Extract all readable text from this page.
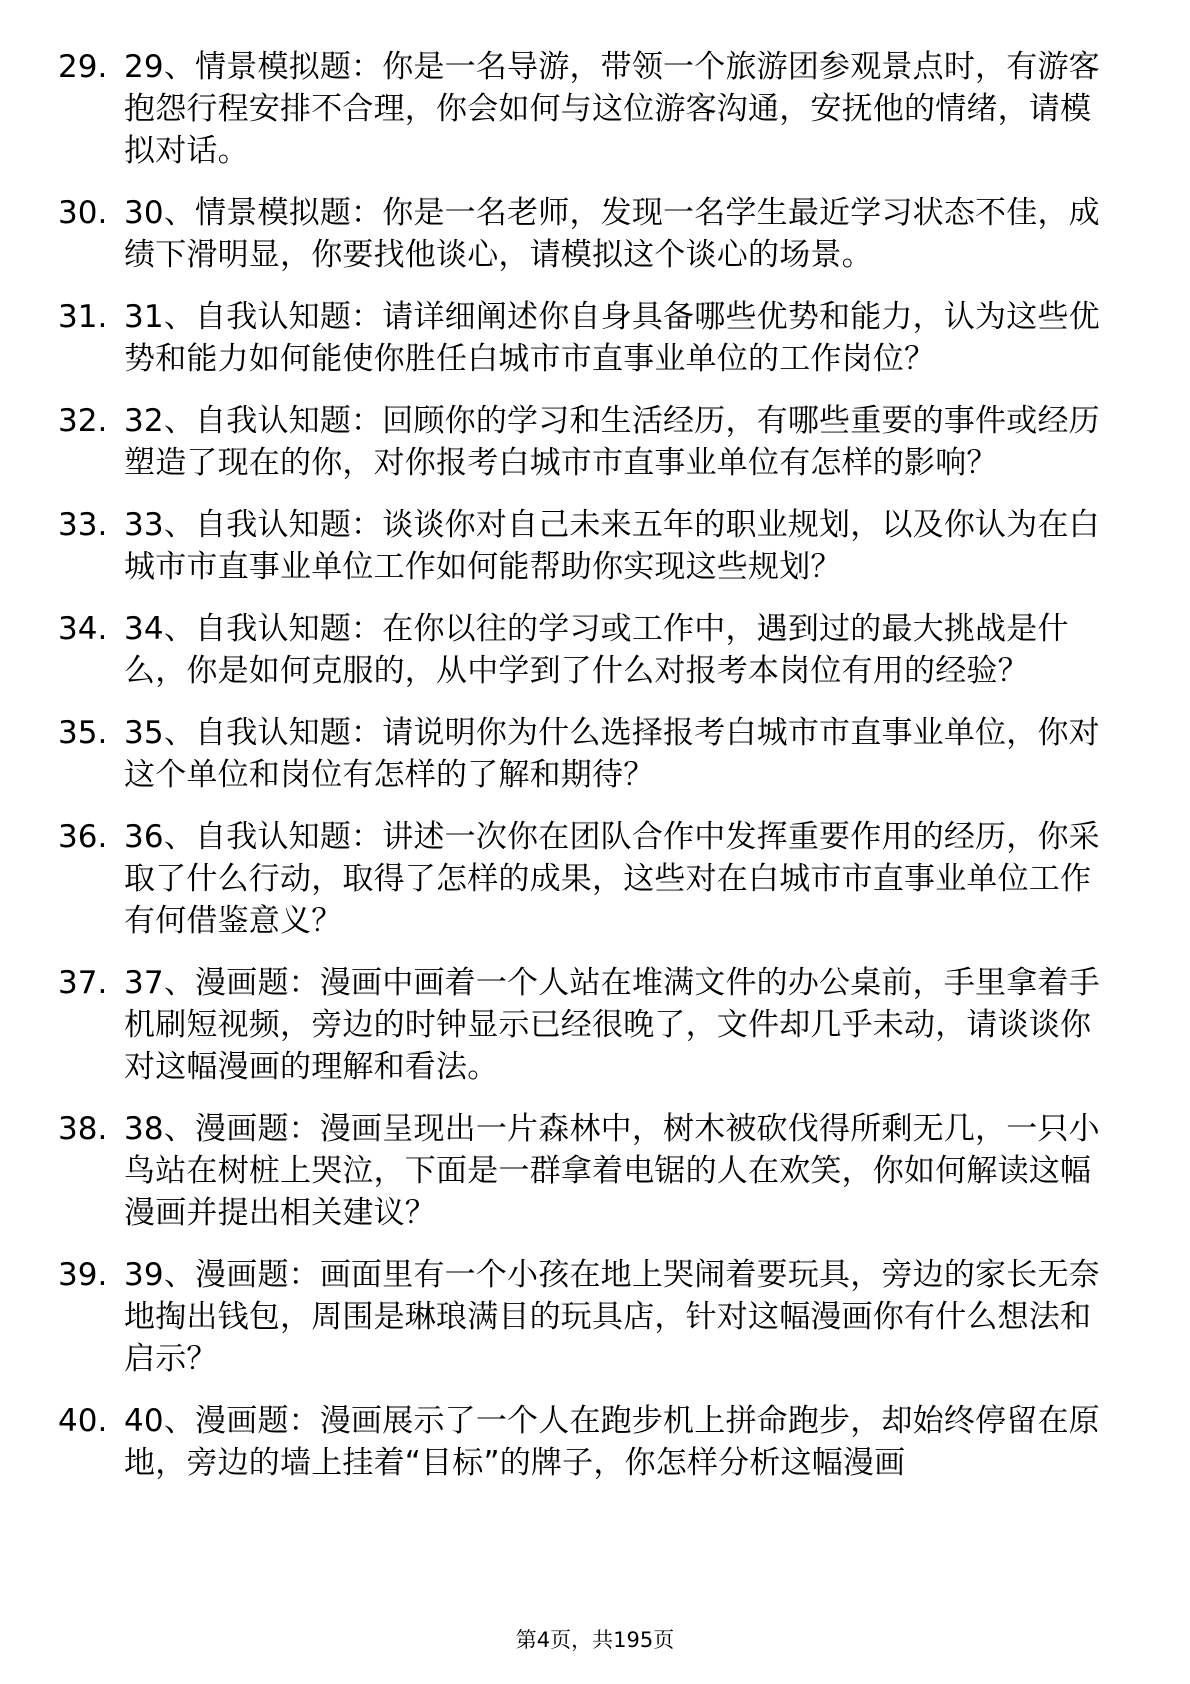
29. 29、情景模拟题：你是一名导游，带领一个旅游团参观景点时，有游客抱怨行程安排不合理，你会如何与这位游客沟通，安抚他的情绪，请模拟对话。
30. 30、情景模拟题：你是一名老师，发现一名学生最近学习状态不佳，成绩下滑明显，你要找他谈心，请模拟这个谈心的场景。
31. 31、自我认知题：请详细阐述你自身具备哪些优势和能力，认为这些优势和能力如何能使你胜任白城市市直事业单位的工作岗位？
32. 32、自我认知题：回顾你的学习和生活经历，有哪些重要的事件或经历塑造了现在的你，对你报考白城市市直事业单位有怎样的影响？
33. 33、自我认知题：谈谈你对自己未来五年的职业规划，以及你认为在白城市市直事业单位工作如何能帮助你实现这些规划？
34. 34、自我认知题：在你以往的学习或工作中，遇到过的最大挑战是什么，你是如何克服的，从中学到了什么对报考本岗位有用的经验？
35. 35、自我认知题：请说明你为什么选择报考白城市市直事业单位，你对这个单位和岗位有怎样的了解和期待？
36. 36、自我认知题：讲述一次你在团队合作中发挥重要作用的经历，你采取了什么行动，取得了怎样的成果，这些对在白城市市直事业单位工作有何借鉴意义？
37. 37、漫画题：漫画中画着一个人站在堆满文件的办公桌前，手里拿着手机刷短视频，旁边的时钟显示已经很晚了，文件却几乎未动，请谈谈你对这幅漫画的理解和看法。
38. 38、漫画题：漫画呈现出一片森林中，树木被砍伐得所剩无几，一只小鸟站在树桩上哭泣，下面是一群拿着电锯的人在欢笑，你如何解读这幅漫画并提出相关建议？
39. 39、漫画题：画面里有一个小孩在地上哭闹着要玩具，旁边的家长无奈地掏出钱包，周围是琳琅满目的玩具店，针对这幅漫画你有什么想法和启示？
40. 40、漫画题：漫画展示了一个人在跑步机上拼命跑步，却始终停留在原地，旁边的墙上挂着“目标”的牌子，你怎样分析这幅漫画
第4页，共195页
